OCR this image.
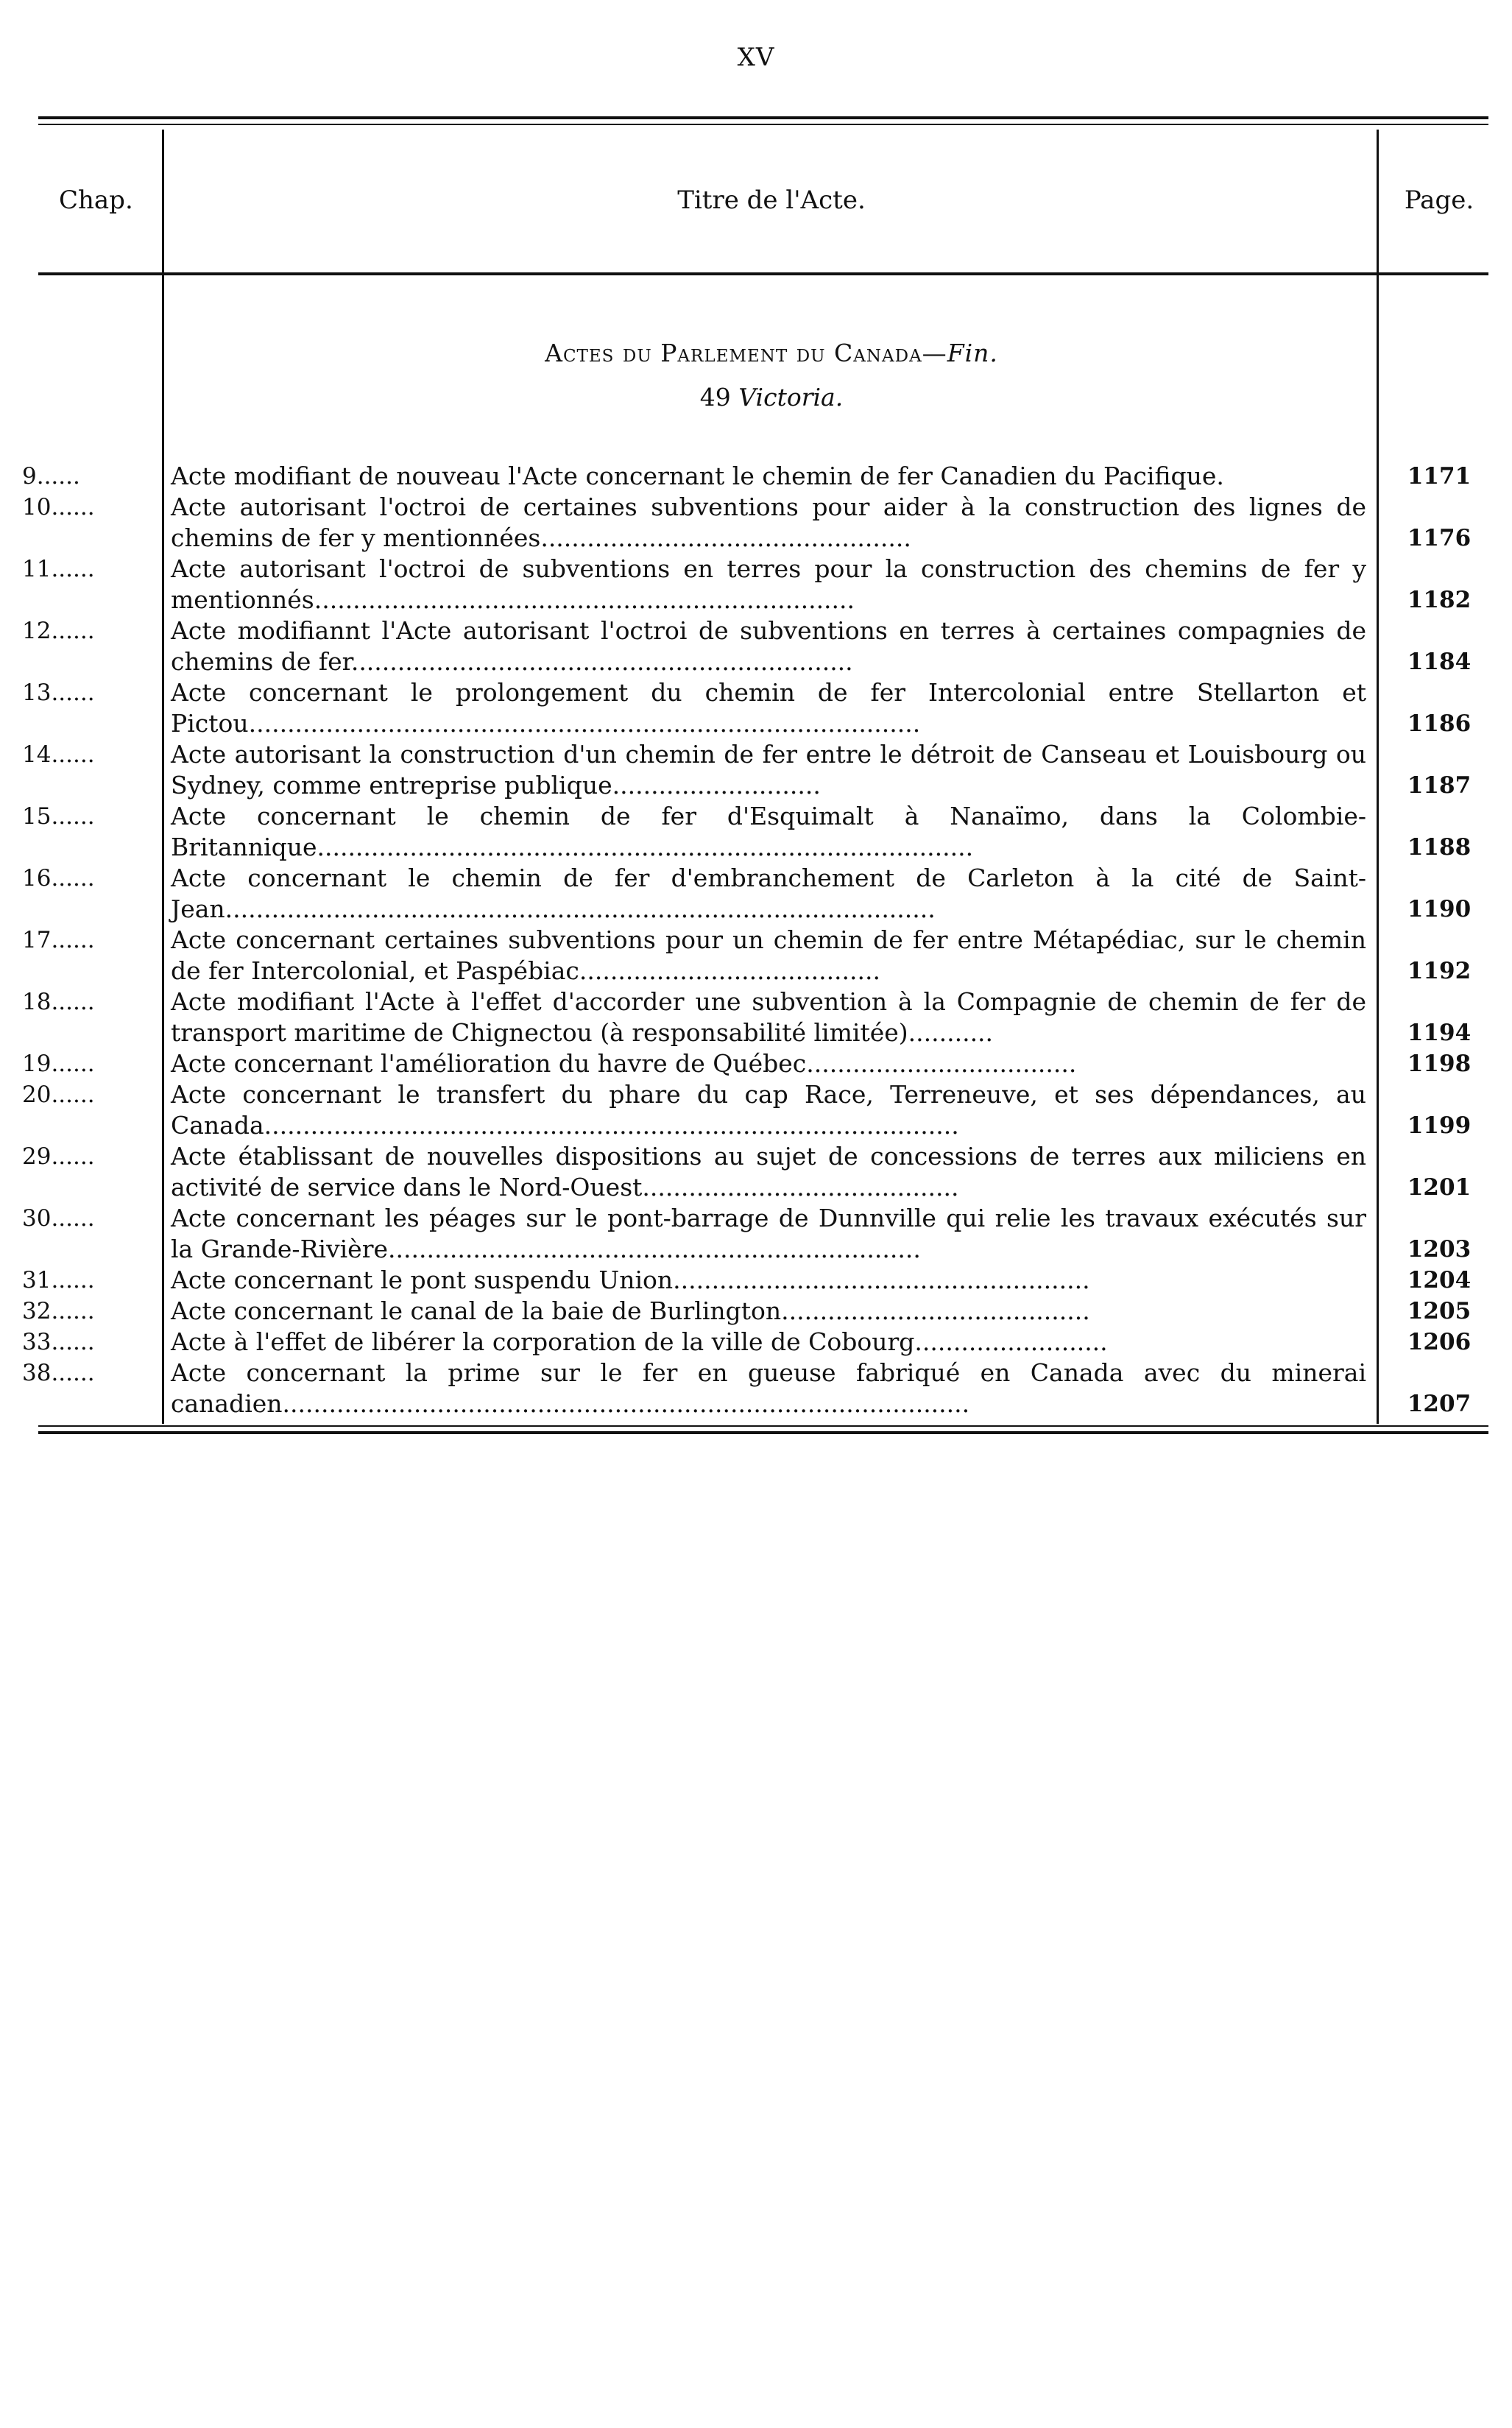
XV
Chap.	Titre de l'Acte.	Page.
Actes du Parlement du Canada—Fin.
49 Victoria.
9......	Acte modifiant de nouveau l'Acte concernant le chemin de fer Canadien du Pacifique.	1171
10......	Acte autorisant l'octroi de certaines subventions pour aider à la construction des lignes de chemins de fer y mentionnées................................................	1176
11......	Acte autorisant l'octroi de subventions en terres pour la construction des chemins de fer y mentionnés......................................................................	1182
12......	Acte modifiannt l'Acte autorisant l'octroi de subventions en terres à certaines compagnies de chemins de fer.................................................................	1184
13......	Acte concernant le prolongement du chemin de fer Intercolonial entre Stellarton et Pictou.......................................................................................	1186
14......	Acte autorisant la construction d'un chemin de fer entre le détroit de Canseau et Louisbourg ou Sydney, comme entreprise publique...........................	1187
15......	Acte concernant le chemin de fer d'Esquimalt à Nanaïmo, dans la Colombie-Britannique.....................................................................................	1188
16......	Acte concernant le chemin de fer d'embranchement de Carleton à la cité de Saint-Jean............................................................................................	1190
17......	Acte concernant certaines subventions pour un chemin de fer entre Métapédiac, sur le chemin de fer Intercolonial, et Paspébiac.......................................	1192
18......	Acte modifiant l'Acte à l'effet d'accorder une subvention à la Compagnie de chemin de fer de transport maritime de Chignectou (à responsabilité limitée)...........	1194
19......	Acte concernant l'amélioration du havre de Québec...................................	1198
20......	Acte concernant le transfert du phare du cap Race, Terreneuve, et ses dépendances, au Canada..........................................................................................	1199
29......	Acte établissant de nouvelles dispositions au sujet de concessions de terres aux miliciens en activité de service dans le Nord-Ouest.........................................	1201
30......	Acte concernant les péages sur le pont-barrage de Dunnville qui relie les travaux exécutés sur la Grande-Rivière.....................................................................	1203
31......	Acte concernant le pont suspendu Union......................................................	1204
32......	Acte concernant le canal de la baie de Burlington........................................	1205
33......	Acte à l'effet de libérer la corporation de la ville de Cobourg.........................	1206
38......	Acte concernant la prime sur le fer en gueuse fabriqué en Canada avec du minerai canadien.........................................................................................	1207
